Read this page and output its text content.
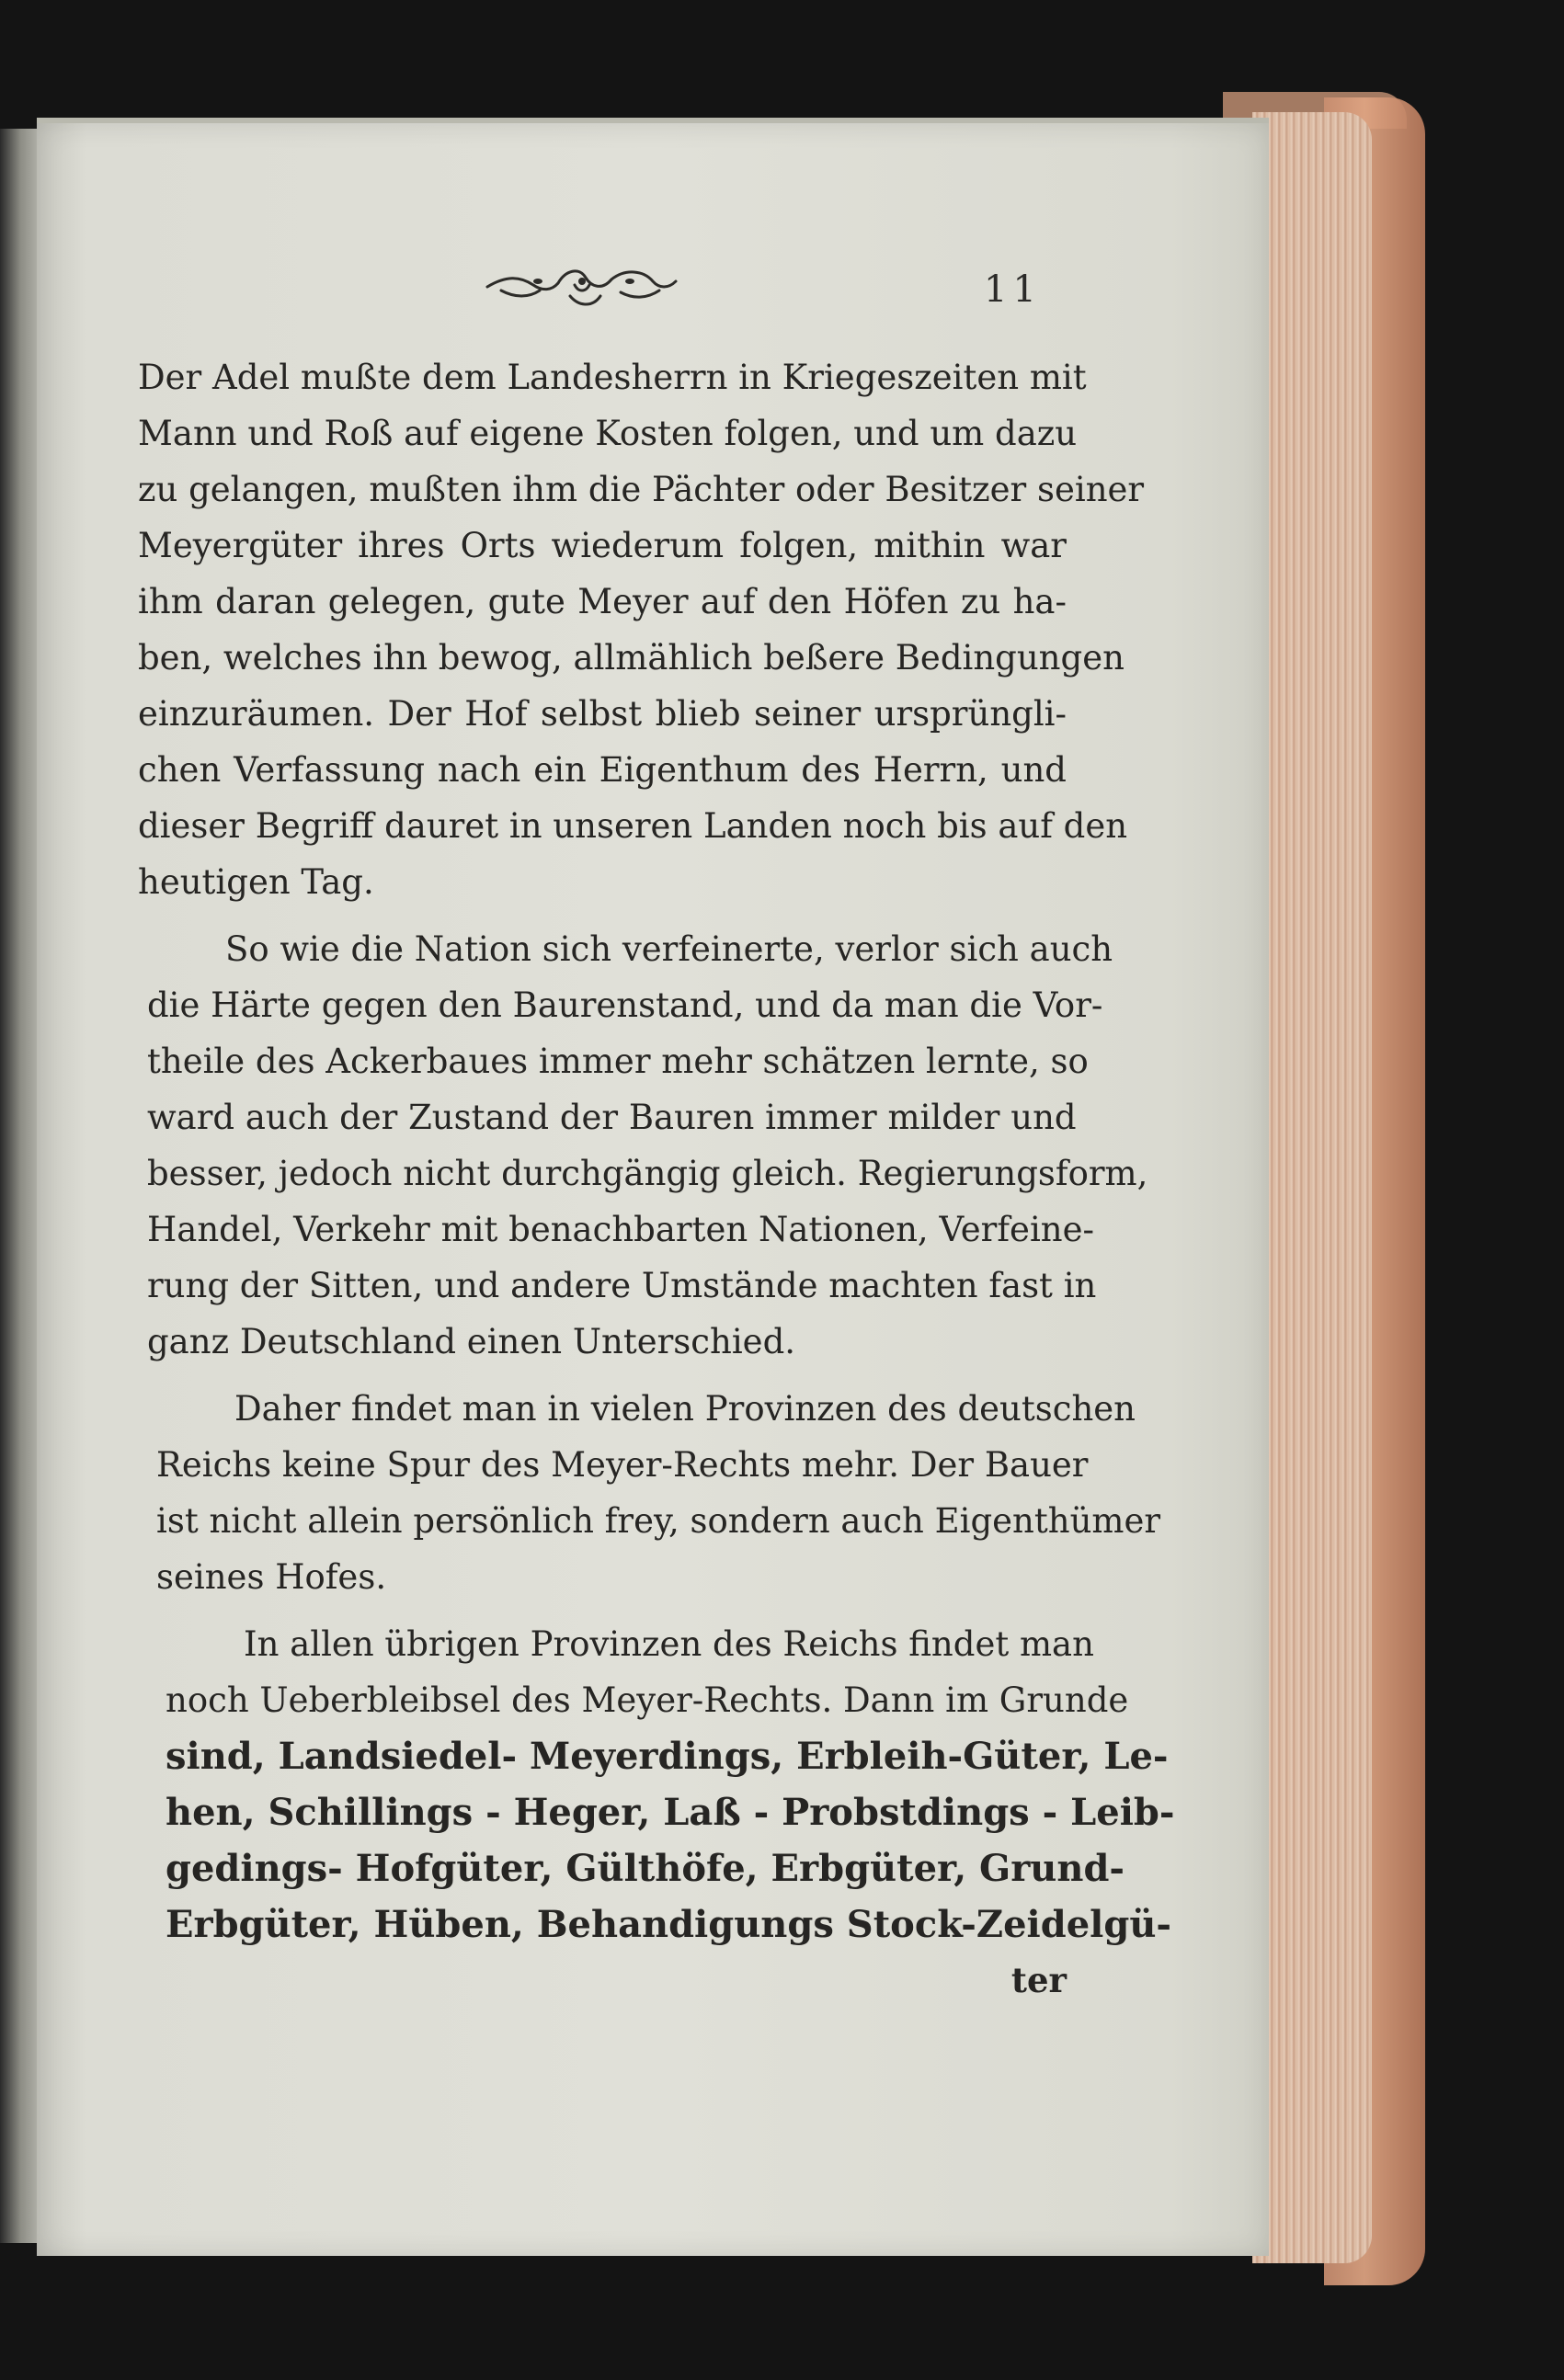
11
Der Adel mußte dem Landesherrn in Kriegeszeiten mit
Mann und Roß auf eigene Kosten folgen, und um dazu
zu gelangen, mußten ihm die Pächter oder Besitzer seiner
Meyergüter ihres Orts wiederum folgen, mithin war
ihm daran gelegen, gute Meyer auf den Höfen zu ha-
ben, welches ihn bewog, allmählich beßere Bedingungen
einzuräumen. Der Hof selbst blieb seiner ursprüngli-
chen Verfassung nach ein Eigenthum des Herrn, und
dieser Begriff dauret in unseren Landen noch bis auf den
heutigen Tag.
So wie die Nation sich verfeinerte, verlor sich auch
die Härte gegen den Baurenstand, und da man die Vor-
theile des Ackerbaues immer mehr schätzen lernte, so
ward auch der Zustand der Bauren immer milder und
besser, jedoch nicht durchgängig gleich. Regierungsform,
Handel, Verkehr mit benachbarten Nationen, Verfeine-
rung der Sitten, und andere Umstände machten fast in
ganz Deutschland einen Unterschied.
Daher findet man in vielen Provinzen des deutschen
Reichs keine Spur des Meyer-Rechts mehr. Der Bauer
ist nicht allein persönlich frey, sondern auch Eigenthümer
seines Hofes.
In allen übrigen Provinzen des Reichs findet man
noch Ueberbleibsel des Meyer-Rechts. Dann im Grunde
sind, Landsiedel- Meyerdings, Erbleih-Güter, Le-
hen, Schillings - Heger, Laß - Probstdings - Leib-
gedings- Hofgüter, Gülthöfe, Erbgüter, Grund-
Erbgüter, Hüben, Behandigungs Stock-Zeidelgü-
ter
